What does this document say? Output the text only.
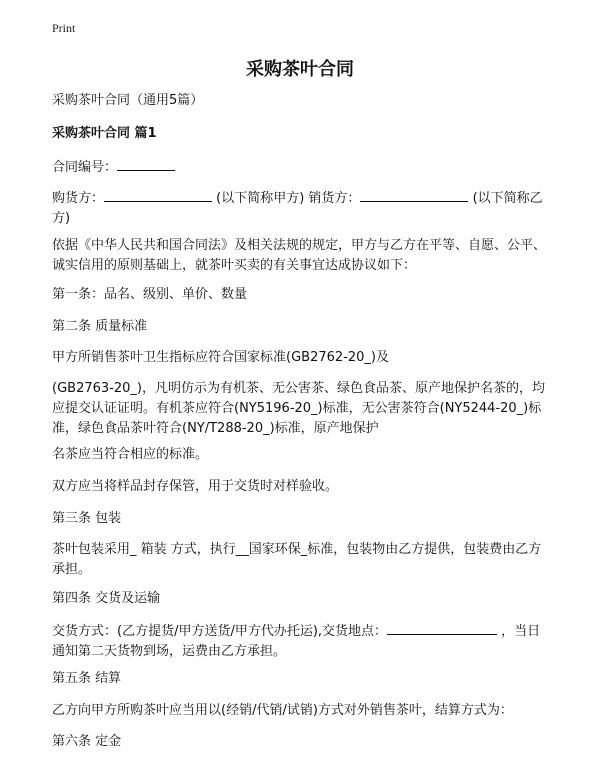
Print
采购茶叶合同

采购茶叶合同（通用5篇）

采购茶叶合同 篇1

合同编号：

购货方：	(以下简称甲方) 销货方：	(以下简称乙方)

依据《中华人民共和国合同法》及相关法规的规定，甲方与乙方在平等、自愿、公平、诚实信用的原则基础上，就茶叶买卖的有关事宜达成协议如下：

第一条：品名、级别、单价、数量

第二条 质量标准

甲方所销售茶叶卫生指标应符合国家标准(GB2762-20_)及

(GB2763-20_)，凡明仿示为有机茶、无公害茶、绿色食品茶、原产地保护名茶的，均应提交认证证明。有机茶应符合(NY5196-20_)标准，无公害茶符合(NY5244-20_)标准，绿色食品茶叶符合(NY/T288-20_)标准，原产地保护

名茶应当符合相应的标准。

双方应当将样品封存保管，用于交货时对样验收。

第三条 包装

茶叶包装采用_ 箱装 方式，执行__国家环保_标准，包装物由乙方提供，包装费由乙方承担。

第四条 交货及运输

交货方式：(乙方提货/甲方送货/甲方代办托运),交货地点：	，当日通知第二天货物到场，运费由乙方承担。

第五条 结算

乙方向甲方所购茶叶应当用以(经销/代销/试销)方式对外销售茶叶，结算方式为：

第六条 定金
